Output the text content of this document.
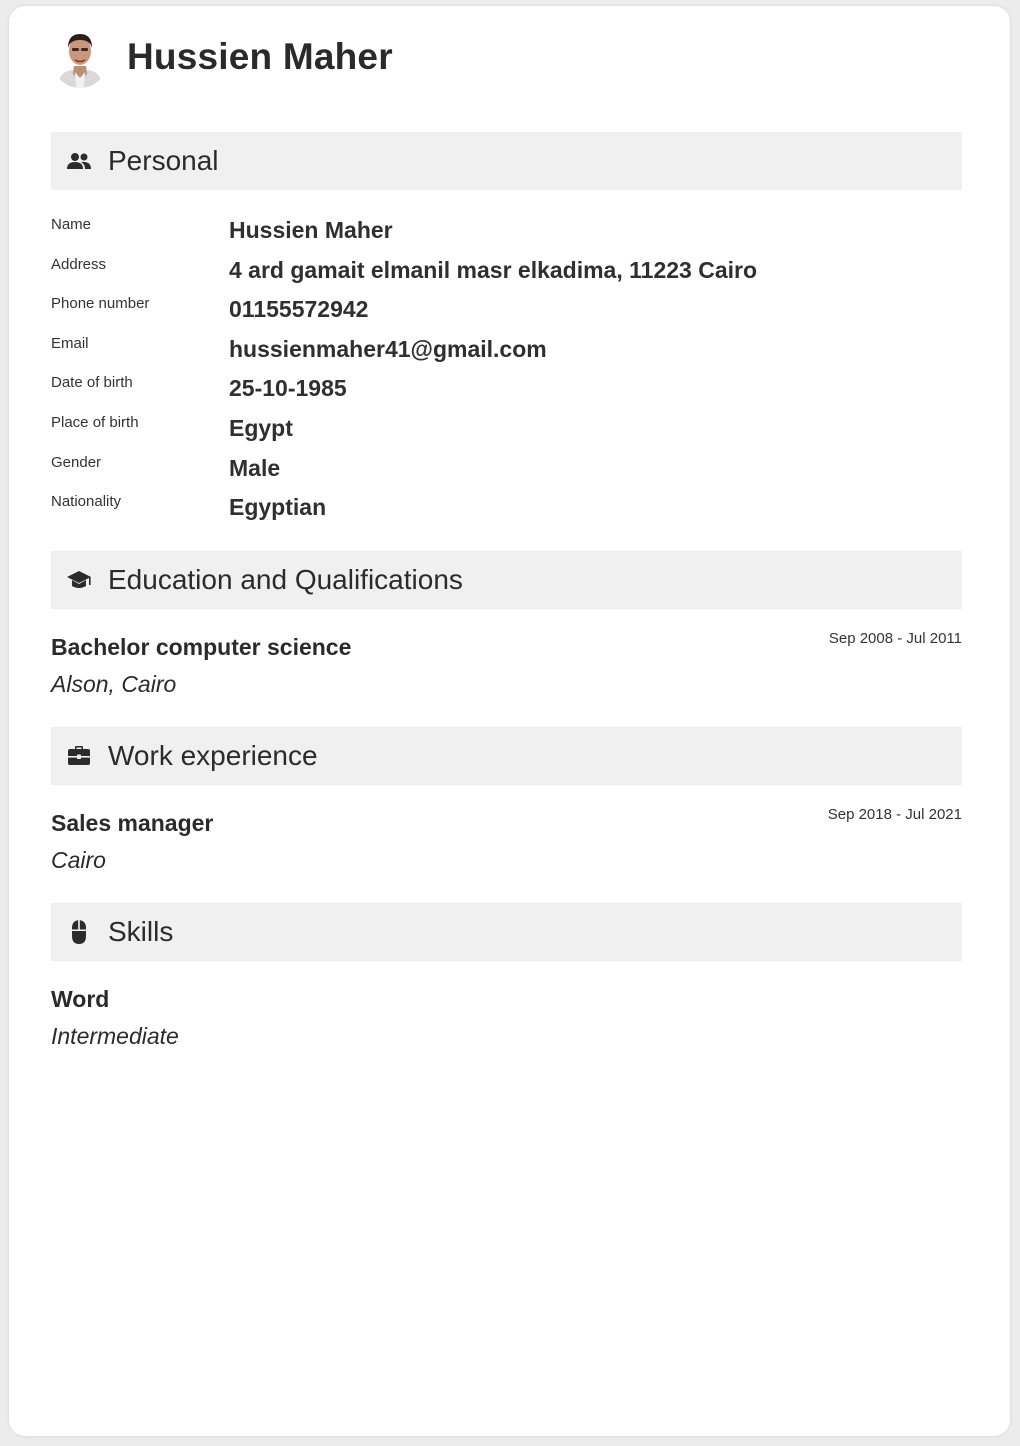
Hussien Maher
Personal
Name	Hussien Maher
Address	4 ard gamait elmanil masr elkadima, 11223 Cairo
Phone number	01155572942
Email	hussienmaher41@gmail.com
Date of birth	25-10-1985
Place of birth	Egypt
Gender	Male
Nationality	Egyptian
Education and Qualifications
Bachelor computer science
Alson, Cairo
Sep 2008 - Jul 2011
Work experience
Sales manager
Cairo
Sep 2018 - Jul 2021
Skills
Word
Intermediate
